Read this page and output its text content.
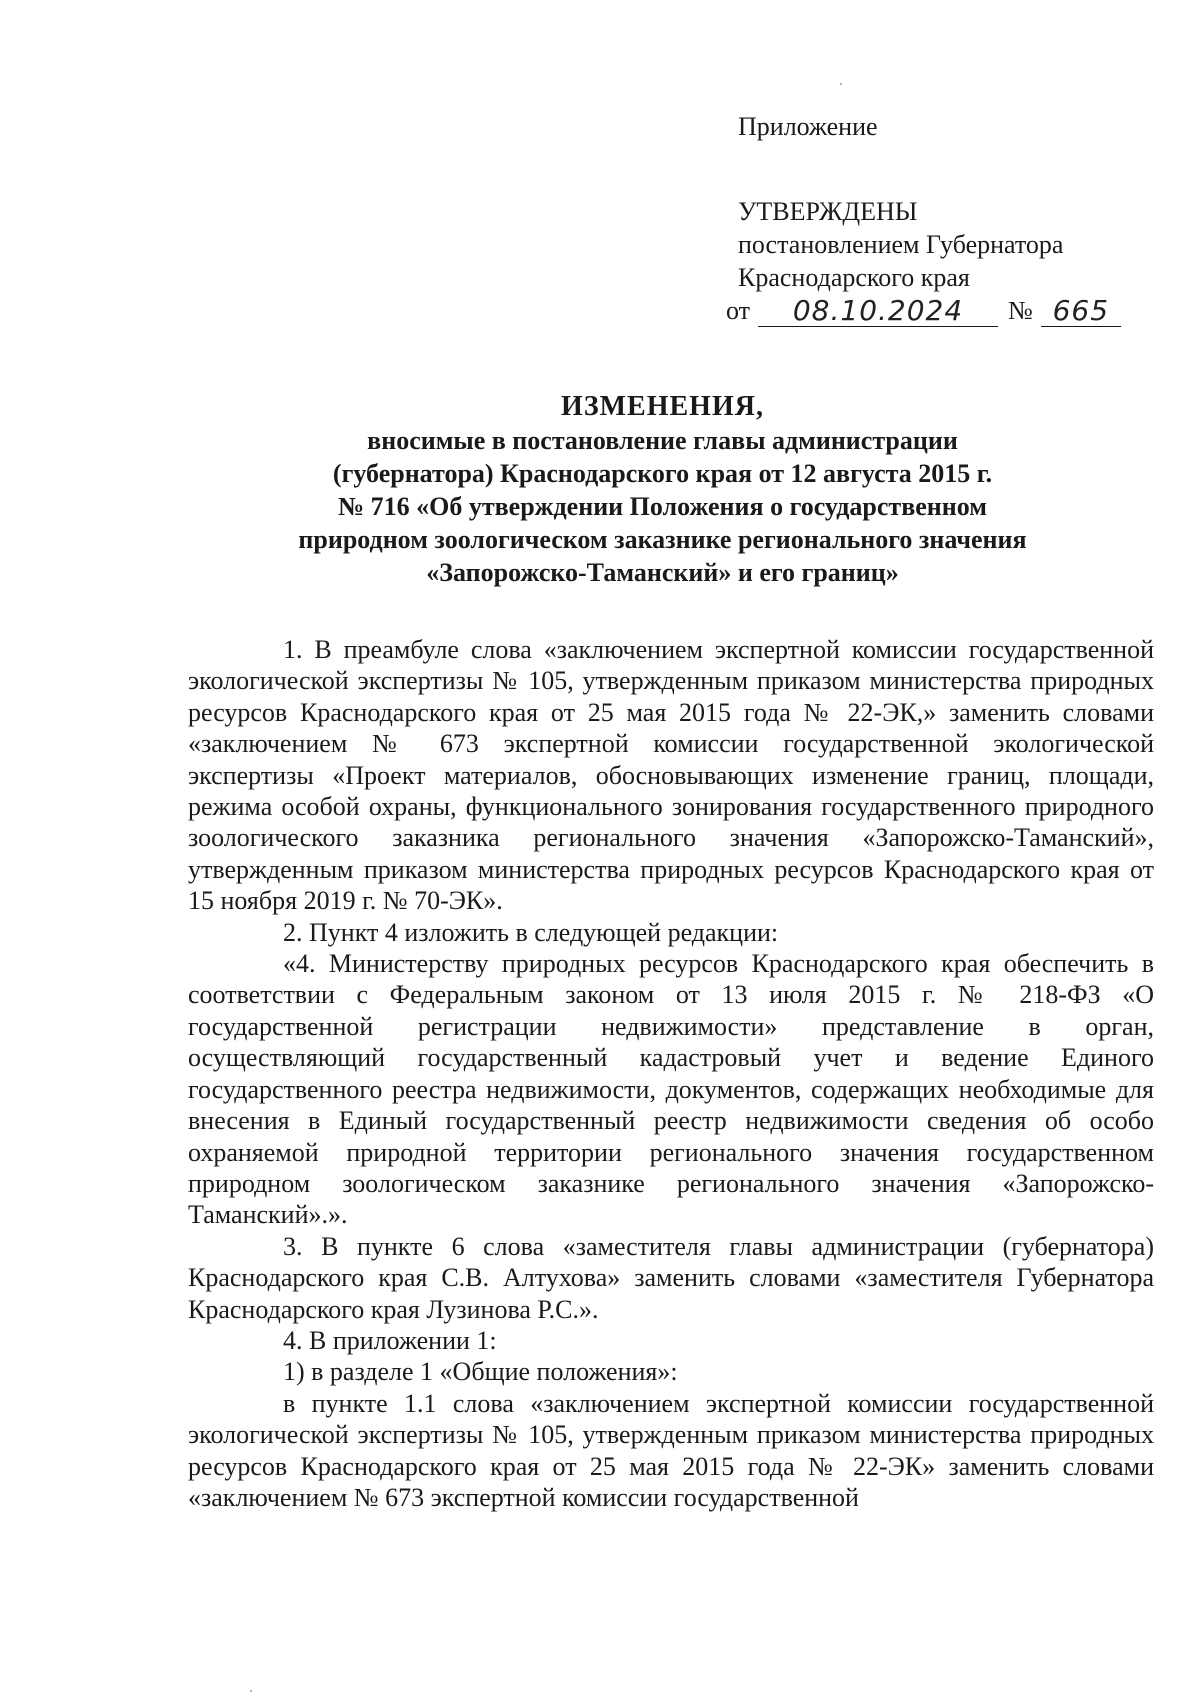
Приложение
УТВЕРЖДЕНЫ
постановлением Губернатора
Краснодарского края
от	08.10.2024	№ 665
ИЗМЕНЕНИЯ,
вносимые в постановление главы администрации
(губернатора) Краснодарского края от 12 августа 2015 г.
№ 716 «Об утверждении Положения о государственном
природном зоологическом заказнике регионального значения
«Запорожско-Таманский» и его границ»

1. В преамбуле слова «заключением экспертной комиссии государственной экологической экспертизы № 105, утвержденным приказом министерства природных ресурсов Краснодарского края от 25 мая 2015 года № 22-ЭК,» заменить словами «заключением № 673 экспертной комиссии государственной экологической экспертизы «Проект материалов, обосновывающих изменение границ, площади, режима особой охраны, функционального зонирования государственного природного зоологического заказника регионального значения «Запорожско-Таманский», утвержденным приказом министерства природных ресурсов Краснодарского края от 15 ноября 2019 г. № 70-ЭК».

2. Пункт 4 изложить в следующей редакции:

«4. Министерству природных ресурсов Краснодарского края обеспечить в соответствии с Федеральным законом от 13 июля 2015 г. № 218-ФЗ «О государственной регистрации недвижимости» представление в орган, осуществляющий государственный кадастровый учет и ведение Единого государственного реестра недвижимости, документов, содержащих необходимые для внесения в Единый государственный реестр недвижимости сведения об особо охраняемой природной территории регионального значения государственном природном зоологическом заказнике регионального значения «Запорожско-Таманский».».

3. В пункте 6 слова «заместителя главы администрации (губернатора) Краснодарского края С.В. Алтухова» заменить словами «заместителя Губернатора Краснодарского края Лузинова Р.С.».

4. В приложении 1:

1) в разделе 1 «Общие положения»:

в пункте 1.1 слова «заключением экспертной комиссии государственной экологической экспертизы № 105, утвержденным приказом министерства природных ресурсов Краснодарского края от 25 мая 2015 года № 22-ЭК» заменить словами «заключением № 673 экспертной комиссии государственной
